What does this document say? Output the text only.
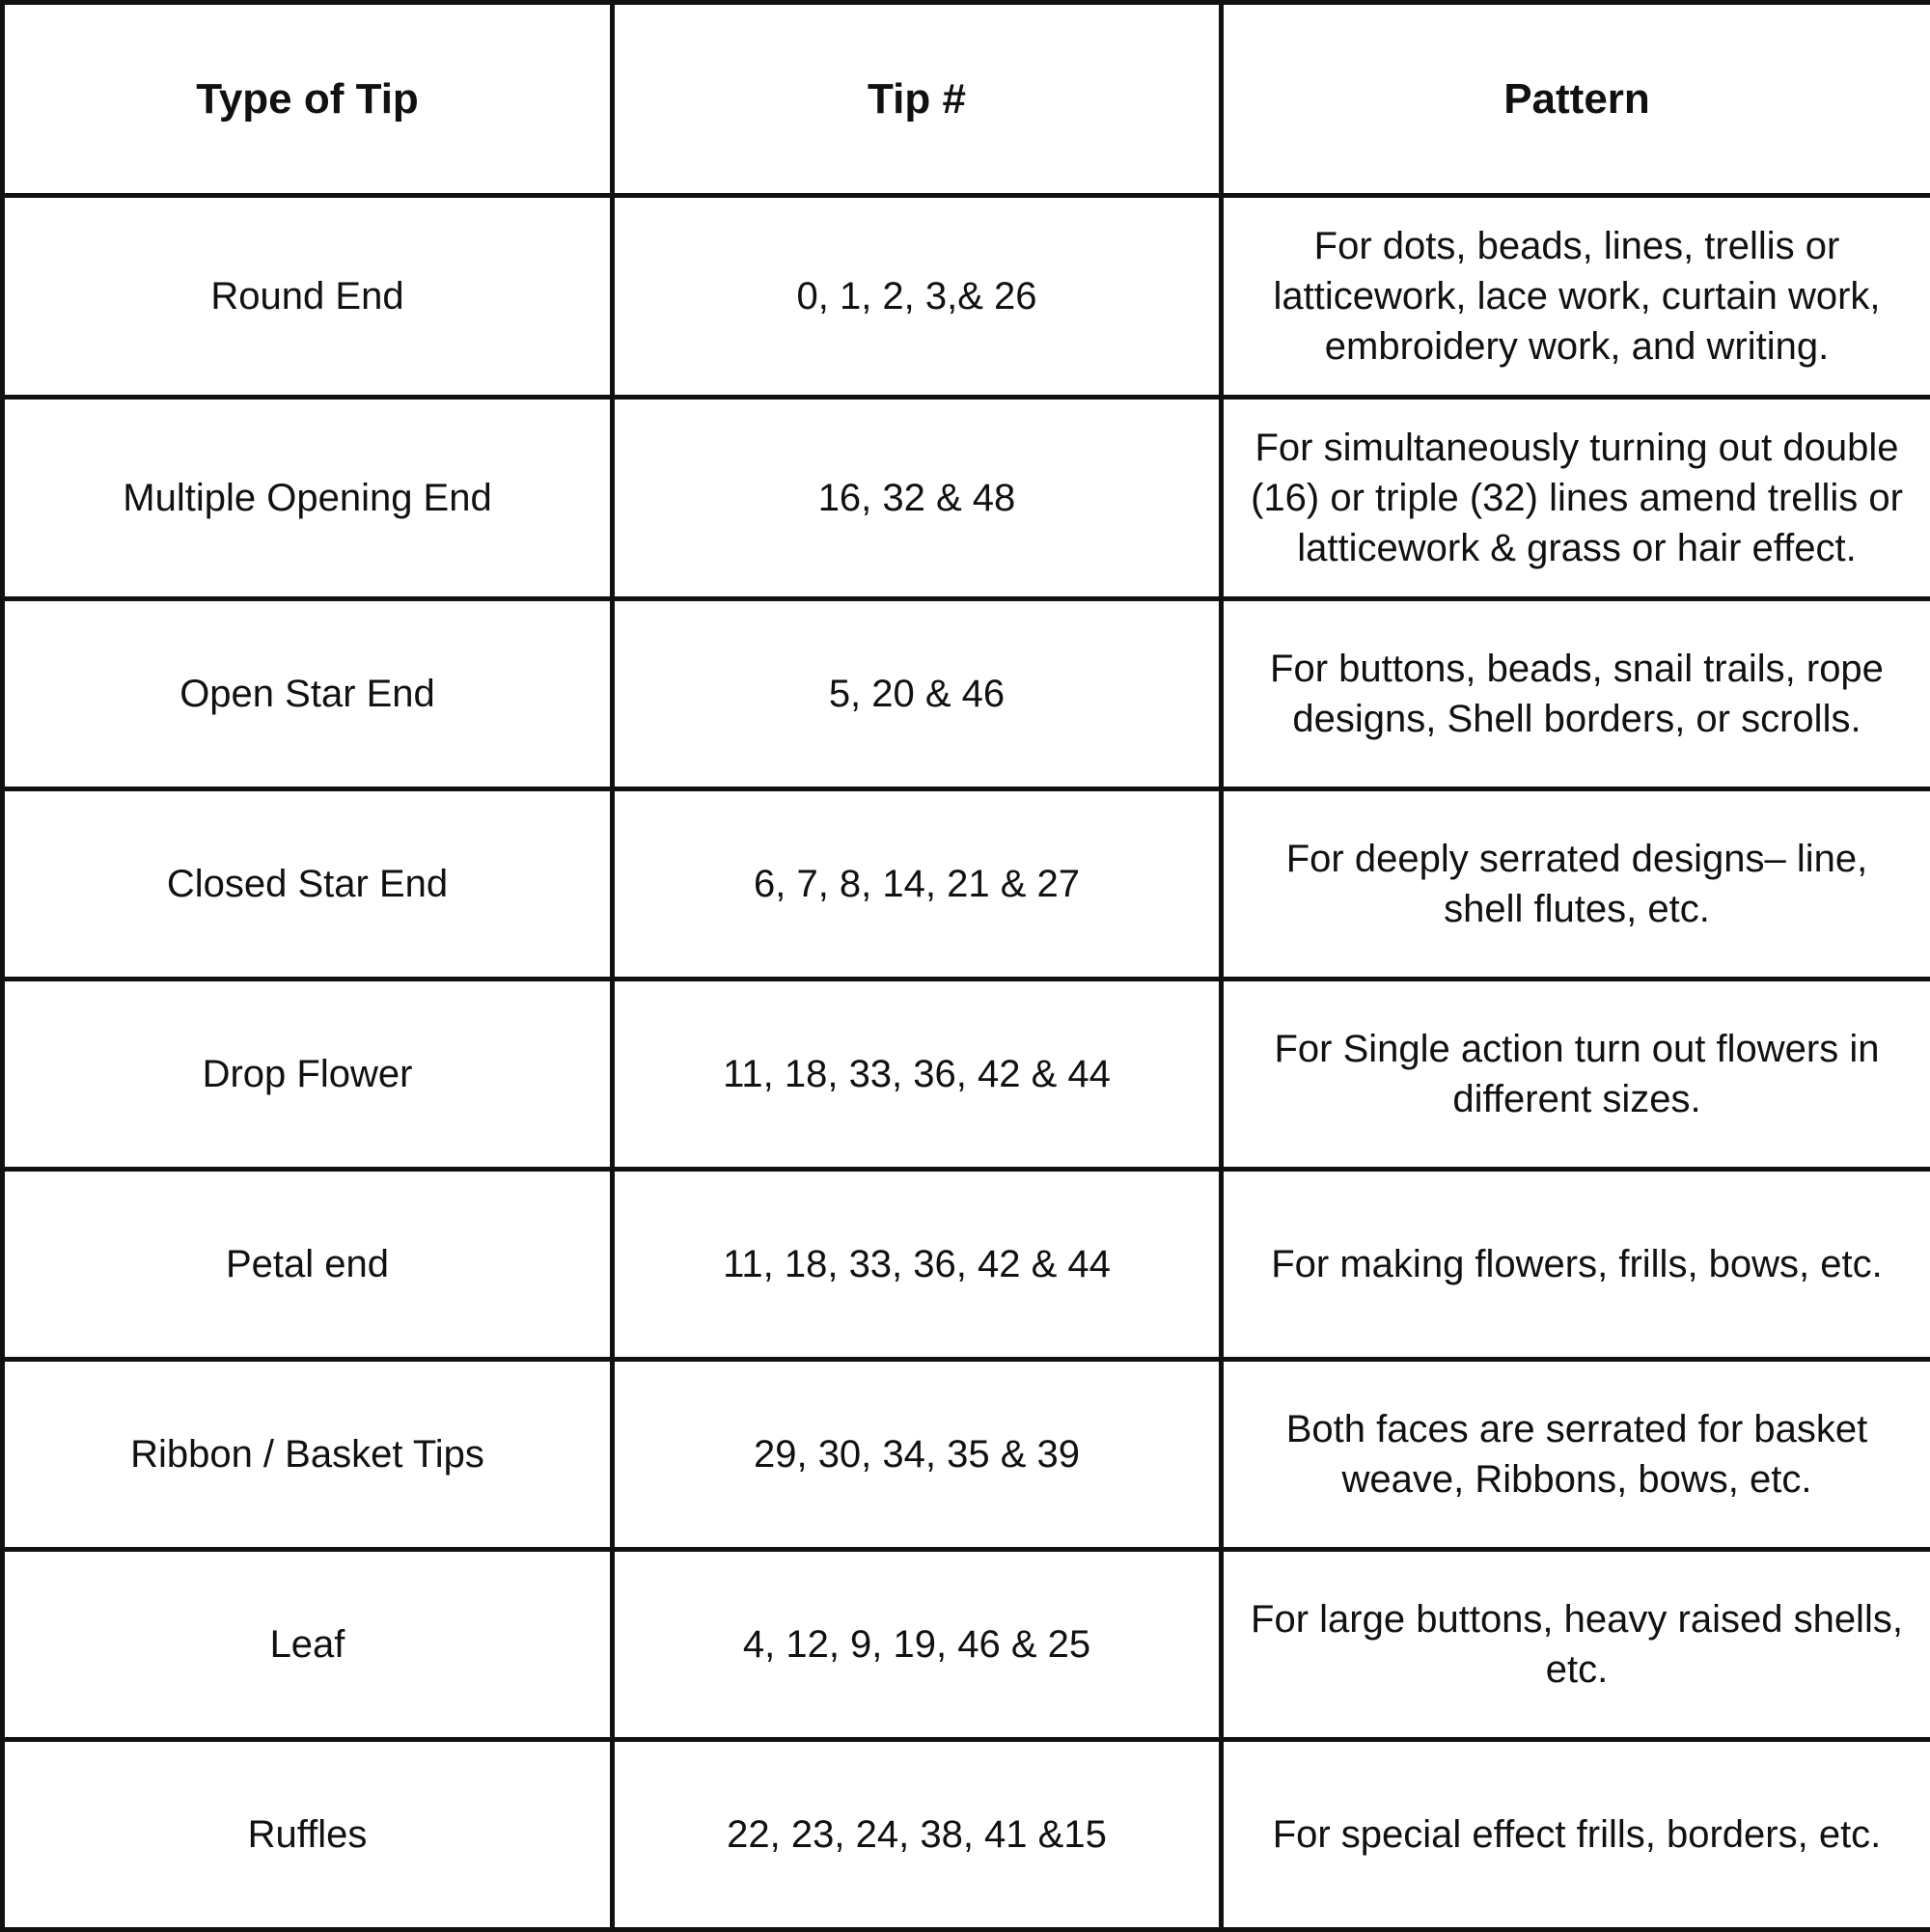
Type of Tip	Tip #	Pattern
Round End	0, 1, 2, 3,& 26	For dots, beads, lines, trellis or latticework, lace work, curtain work, embroidery work, and writing.
Multiple Opening End	16, 32 & 48	For simultaneously turning out double (16) or triple (32) lines amend trellis or latticework & grass or hair effect.
Open Star End	5, 20 & 46	For buttons, beads, snail trails, rope designs, Shell borders, or scrolls.
Closed Star End	6, 7, 8, 14, 21 & 27	For deeply serrated designs– line, shell flutes, etc.
Drop Flower	11, 18, 33, 36, 42 & 44	For Single action turn out flowers in different sizes.
Petal end	11, 18, 33, 36, 42 & 44	For making flowers, frills, bows, etc.
Ribbon / Basket Tips	29, 30, 34, 35 & 39	Both faces are serrated for basket weave, Ribbons, bows, etc.
Leaf	4, 12, 9, 19, 46 & 25	For large buttons, heavy raised shells, etc.
Ruffles	22, 23, 24, 38, 41 &15	For special effect frills, borders, etc.
